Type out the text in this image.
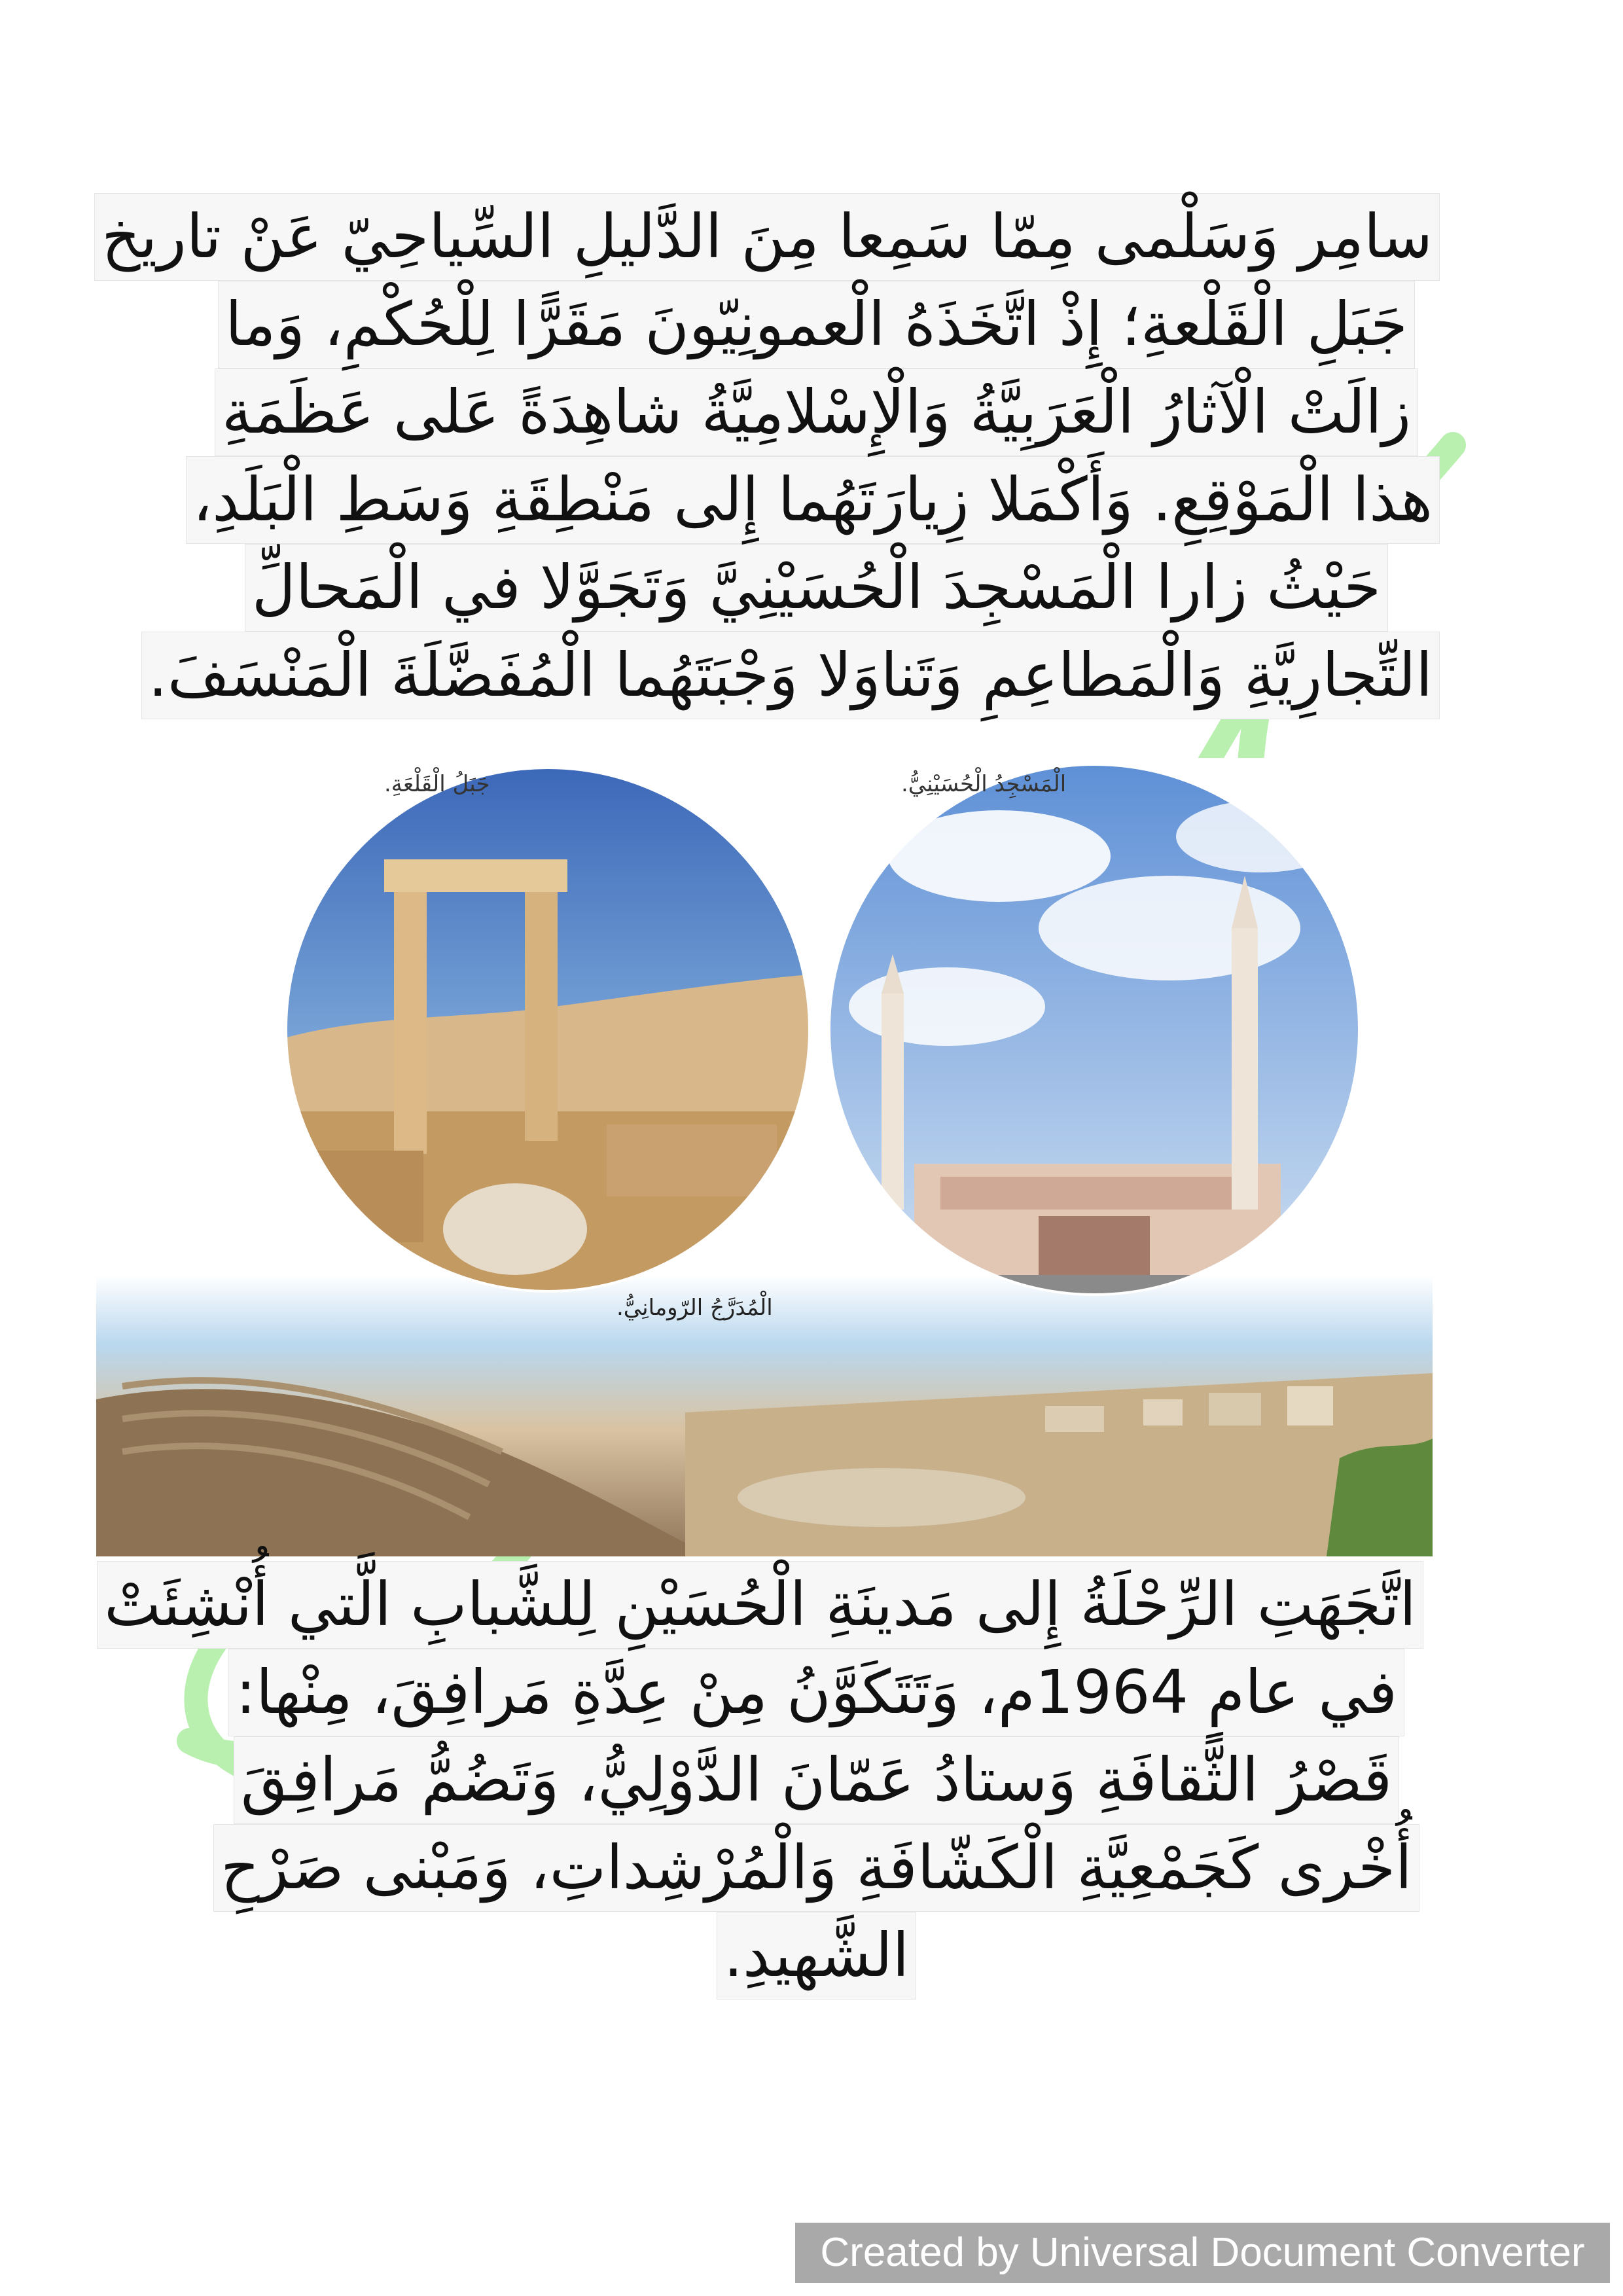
سامِر وَسَلْمى مِمّا سَمِعا مِنَ الدَّليلِ السِّياحِيّ عَنْ تاريخ
جَبَلِ الْقَلْعةِ؛ إِذْ اتَّخَذَهُ الْعمونِيّونَ مَقَرًّا لِلْحُكْمِ، وَما
زالَتْ الْآثارُ الْعَرَبِيَّةُ وَالْإِسْلامِيَّةُ شاهِدَةً عَلى عَظَمَةِ
هذا الْمَوْقِعِ. وَأَكْمَلا زِيارَتَهُما إِلى مَنْطِقَةِ وَسَطِ الْبَلَدِ،
حَيْثُ زارا الْمَسْجِدَ الْحُسَيْنِيَّ وَتَجَوَّلا في الْمَحالِّ
التِّجارِيَّةِ وَالْمَطاعِمِ وَتَناوَلا وَجْبَتَهُما الْمُفَضَّلَةَ الْمَنْسَفَ.
الْمَسْجِدُ الْحُسَيْنِيُّ.
جَبَلُ الْقَلْعَةِ.
الْمُدَرَّجُ الرّومانِيُّ.
اتَّجَهَتِ الرِّحْلَةُ إِلى مَدينَةِ الْحُسَيْنِ لِلشَّبابِ الَّتي أُنْشِئَتْ
في عامِ 1964م، وَتَتَكَوَّنُ مِنْ عِدَّةِ مَرافِقَ، مِنْها:
قَصْرُ الثَّقافَةِ وَستادُ عَمّانَ الدَّوْلِيُّ، وَتَضُمُّ مَرافِقَ
أُخْرى كَجَمْعِيَّةِ الْكَشّافَةِ وَالْمُرْشِداتِ، وَمَبْنى صَرْحِ
الشَّهيدِ.
Created by Universal Document Converter
